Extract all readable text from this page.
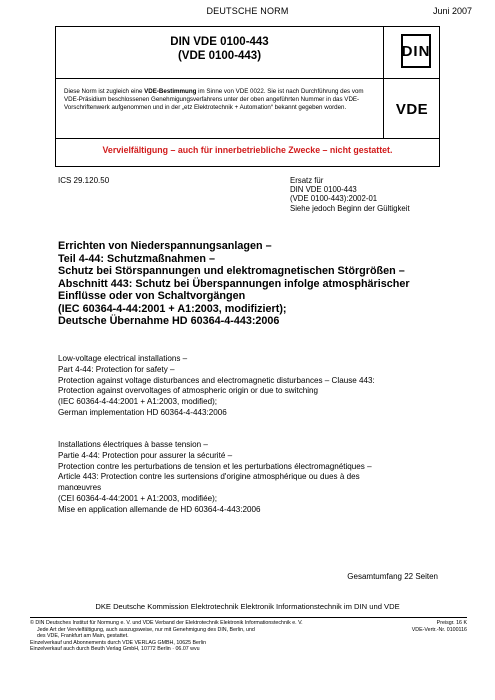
DEUTSCHE NORM	Juni 2007
DIN VDE 0100-443
(VDE 0100-443)	DIN
Diese Norm ist zugleich eine VDE-Bestimmung im Sinne von VDE 0022. Sie ist nach Durchführung des vom VDE-Präsidium beschlossenen Genehmigungsverfahrens unter der oben angeführten Nummer in das VDE-Vorschriftenwerk aufgenommen und in der „etz Elektrotechnik + Automation“ bekannt gegeben worden.	VDE
Vervielfältigung – auch für innerbetriebliche Zwecke – nicht gestattet.
ICS 29.120.50	Ersatz für
DIN VDE 0100-443
(VDE 0100-443):2002-01
Siehe jedoch Beginn der Gültigkeit
Errichten von Niederspannungsanlagen –
Teil 4-44: Schutzmaßnahmen –
Schutz bei Störspannungen und elektromagnetischen Störgrößen –
Abschnitt 443: Schutz bei Überspannungen infolge atmosphärischer
Einflüsse oder von Schaltvorgängen
(IEC 60364-4-44:2001 + A1:2003, modifiziert);
Deutsche Übernahme HD 60364-4-443:2006
Low-voltage electrical installations –
Part 4-44: Protection for safety –
Protection against voltage disturbances and electromagnetic disturbances – Clause 443:
Protection against overvoltages of atmospheric origin or due to switching
(IEC 60364-4-44:2001 + A1:2003, modified);
German implementation HD 60364-4-443:2006
Installations électriques à basse tension –
Partie 4-44: Protection pour assurer la sécurité –
Protection contre les perturbations de tension et les perturbations électromagnétiques –
Article 443: Protection contre les surtensions d'origine atmosphérique ou dues à des
manœuvres
(CEI 60364-4-44:2001 + A1:2003, modifiée);
Mise en application allemande de HD 60364-4-443:2006
Gesamtumfang 22 Seiten
DKE Deutsche Kommission Elektrotechnik Elektronik Informationstechnik im DIN und VDE
© DIN Deutsches Institut für Normung e. V. und VDE Verband der Elektrotechnik Elektronik Informationstechnik e. V.
Jede Art der Vervielfältigung, auch auszugsweise, nur mit Genehmigung des DIN, Berlin, und
des VDE, Frankfurt am Main, gestattet.
Einzelverkauf und Abonnements durch VDE VERLAG GMBH, 10625 Berlin
Einzelverkauf auch durch Beuth Verlag GmbH, 10772 Berlin · 06.07 wvu
Preisgr. 16 K
VDE-Vertr.-Nr. 0100116
